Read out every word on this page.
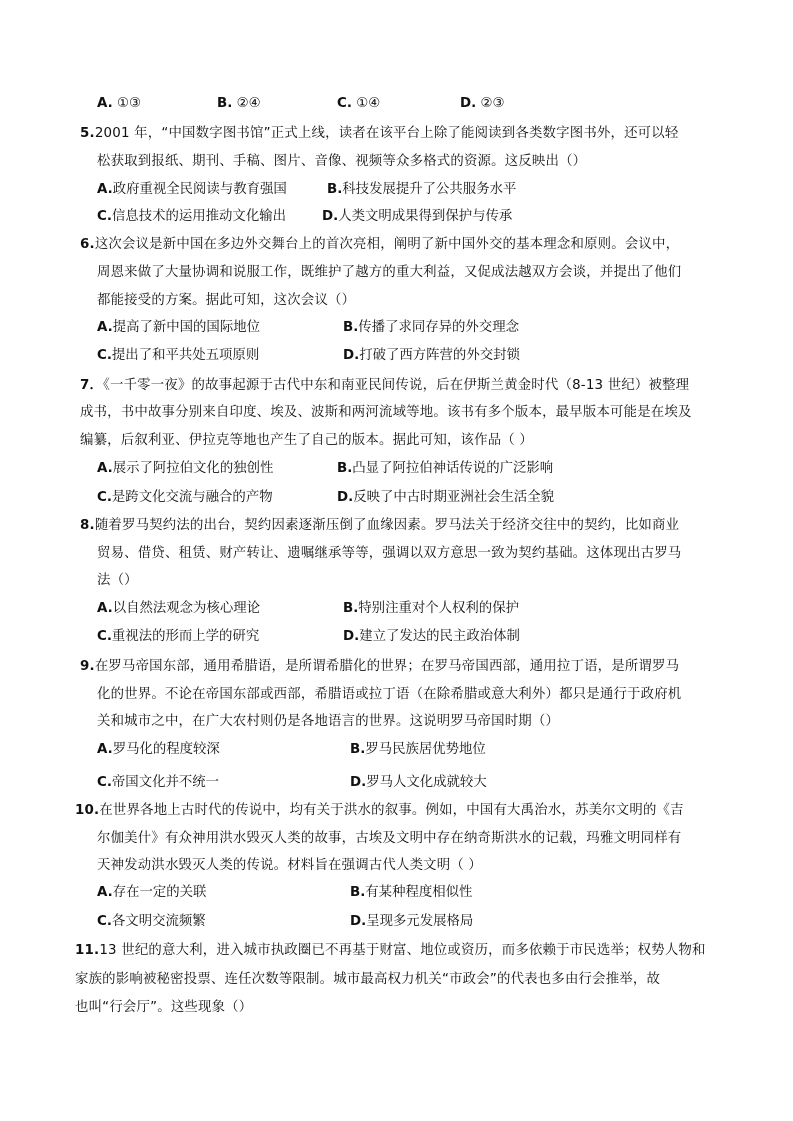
A. ①③	B. ②④	C. ①④	D. ②③
5.2001 年，“中国数字图书馆”正式上线，读者在该平台上除了能阅读到各类数字图书外，还可以轻
松获取到报纸、期刊、手稿、图片、音像、视频等众多格式的资源。这反映出（）
A.政府重视全民阅读与教育强国	B.科技发展提升了公共服务水平
C.信息技术的运用推动文化输出	D.人类文明成果得到保护与传承
6.这次会议是新中国在多边外交舞台上的首次亮相，阐明了新中国外交的基本理念和原则。会议中，
周恩来做了大量协调和说服工作，既维护了越方的重大利益，又促成法越双方会谈，并提出了他们
都能接受的方案。据此可知，这次会议（）
A.提高了新中国的国际地位	B.传播了求同存异的外交理念
C.提出了和平共处五项原则	D.打破了西方阵营的外交封锁
7．《一千零一夜》的故事起源于古代中东和南亚民间传说，后在伊斯兰黄金时代（8-13 世纪）被整理
成书，书中故事分别来自印度、埃及、波斯和两河流域等地。该书有多个版本，最早版本可能是在埃及
编纂，后叙利亚、伊拉克等地也产生了自己的版本。据此可知，该作品（ ）
A.展示了阿拉伯文化的独创性	B.凸显了阿拉伯神话传说的广泛影响
C.是跨文化交流与融合的产物	D.反映了中古时期亚洲社会生活全貌
8.随着罗马契约法的出台，契约因素逐渐压倒了血缘因素。罗马法关于经济交往中的契约，比如商业
贸易、借贷、租赁、财产转让、遗嘱继承等等，强调以双方意思一致为契约基础。这体现出古罗马
法（）
A.以自然法观念为核心理论	B.特别注重对个人权利的保护
C.重视法的形而上学的研究	D.建立了发达的民主政治体制
9.在罗马帝国东部，通用希腊语，是所谓希腊化的世界；在罗马帝国西部，通用拉丁语，是所谓罗马
化的世界。不论在帝国东部或西部，希腊语或拉丁语（在除希腊或意大利外）都只是通行于政府机
关和城市之中，在广大农村则仍是各地语言的世界。这说明罗马帝国时期（）
A.罗马化的程度较深	B.罗马民族居优势地位
C.帝国文化并不统一	D.罗马人文化成就较大
10.在世界各地上古时代的传说中，均有关于洪水的叙事。例如，中国有大禹治水，苏美尔文明的《吉
尔伽美什》有众神用洪水毁灭人类的故事，古埃及文明中存在纳奇斯洪水的记载，玛雅文明同样有
天神发动洪水毁灭人类的传说。材料旨在强调古代人类文明（ ）
A.存在一定的关联	B.有某种程度相似性
C.各文明交流频繁	D.呈现多元发展格局
11.13 世纪的意大利，进入城市执政圈已不再基于财富、地位或资历，而多依赖于市民选举；权势人物和
家族的影响被秘密投票、连任次数等限制。城市最高权力机关“市政会”的代表也多由行会推举，故
也叫“行会厅”。这些现象（）
